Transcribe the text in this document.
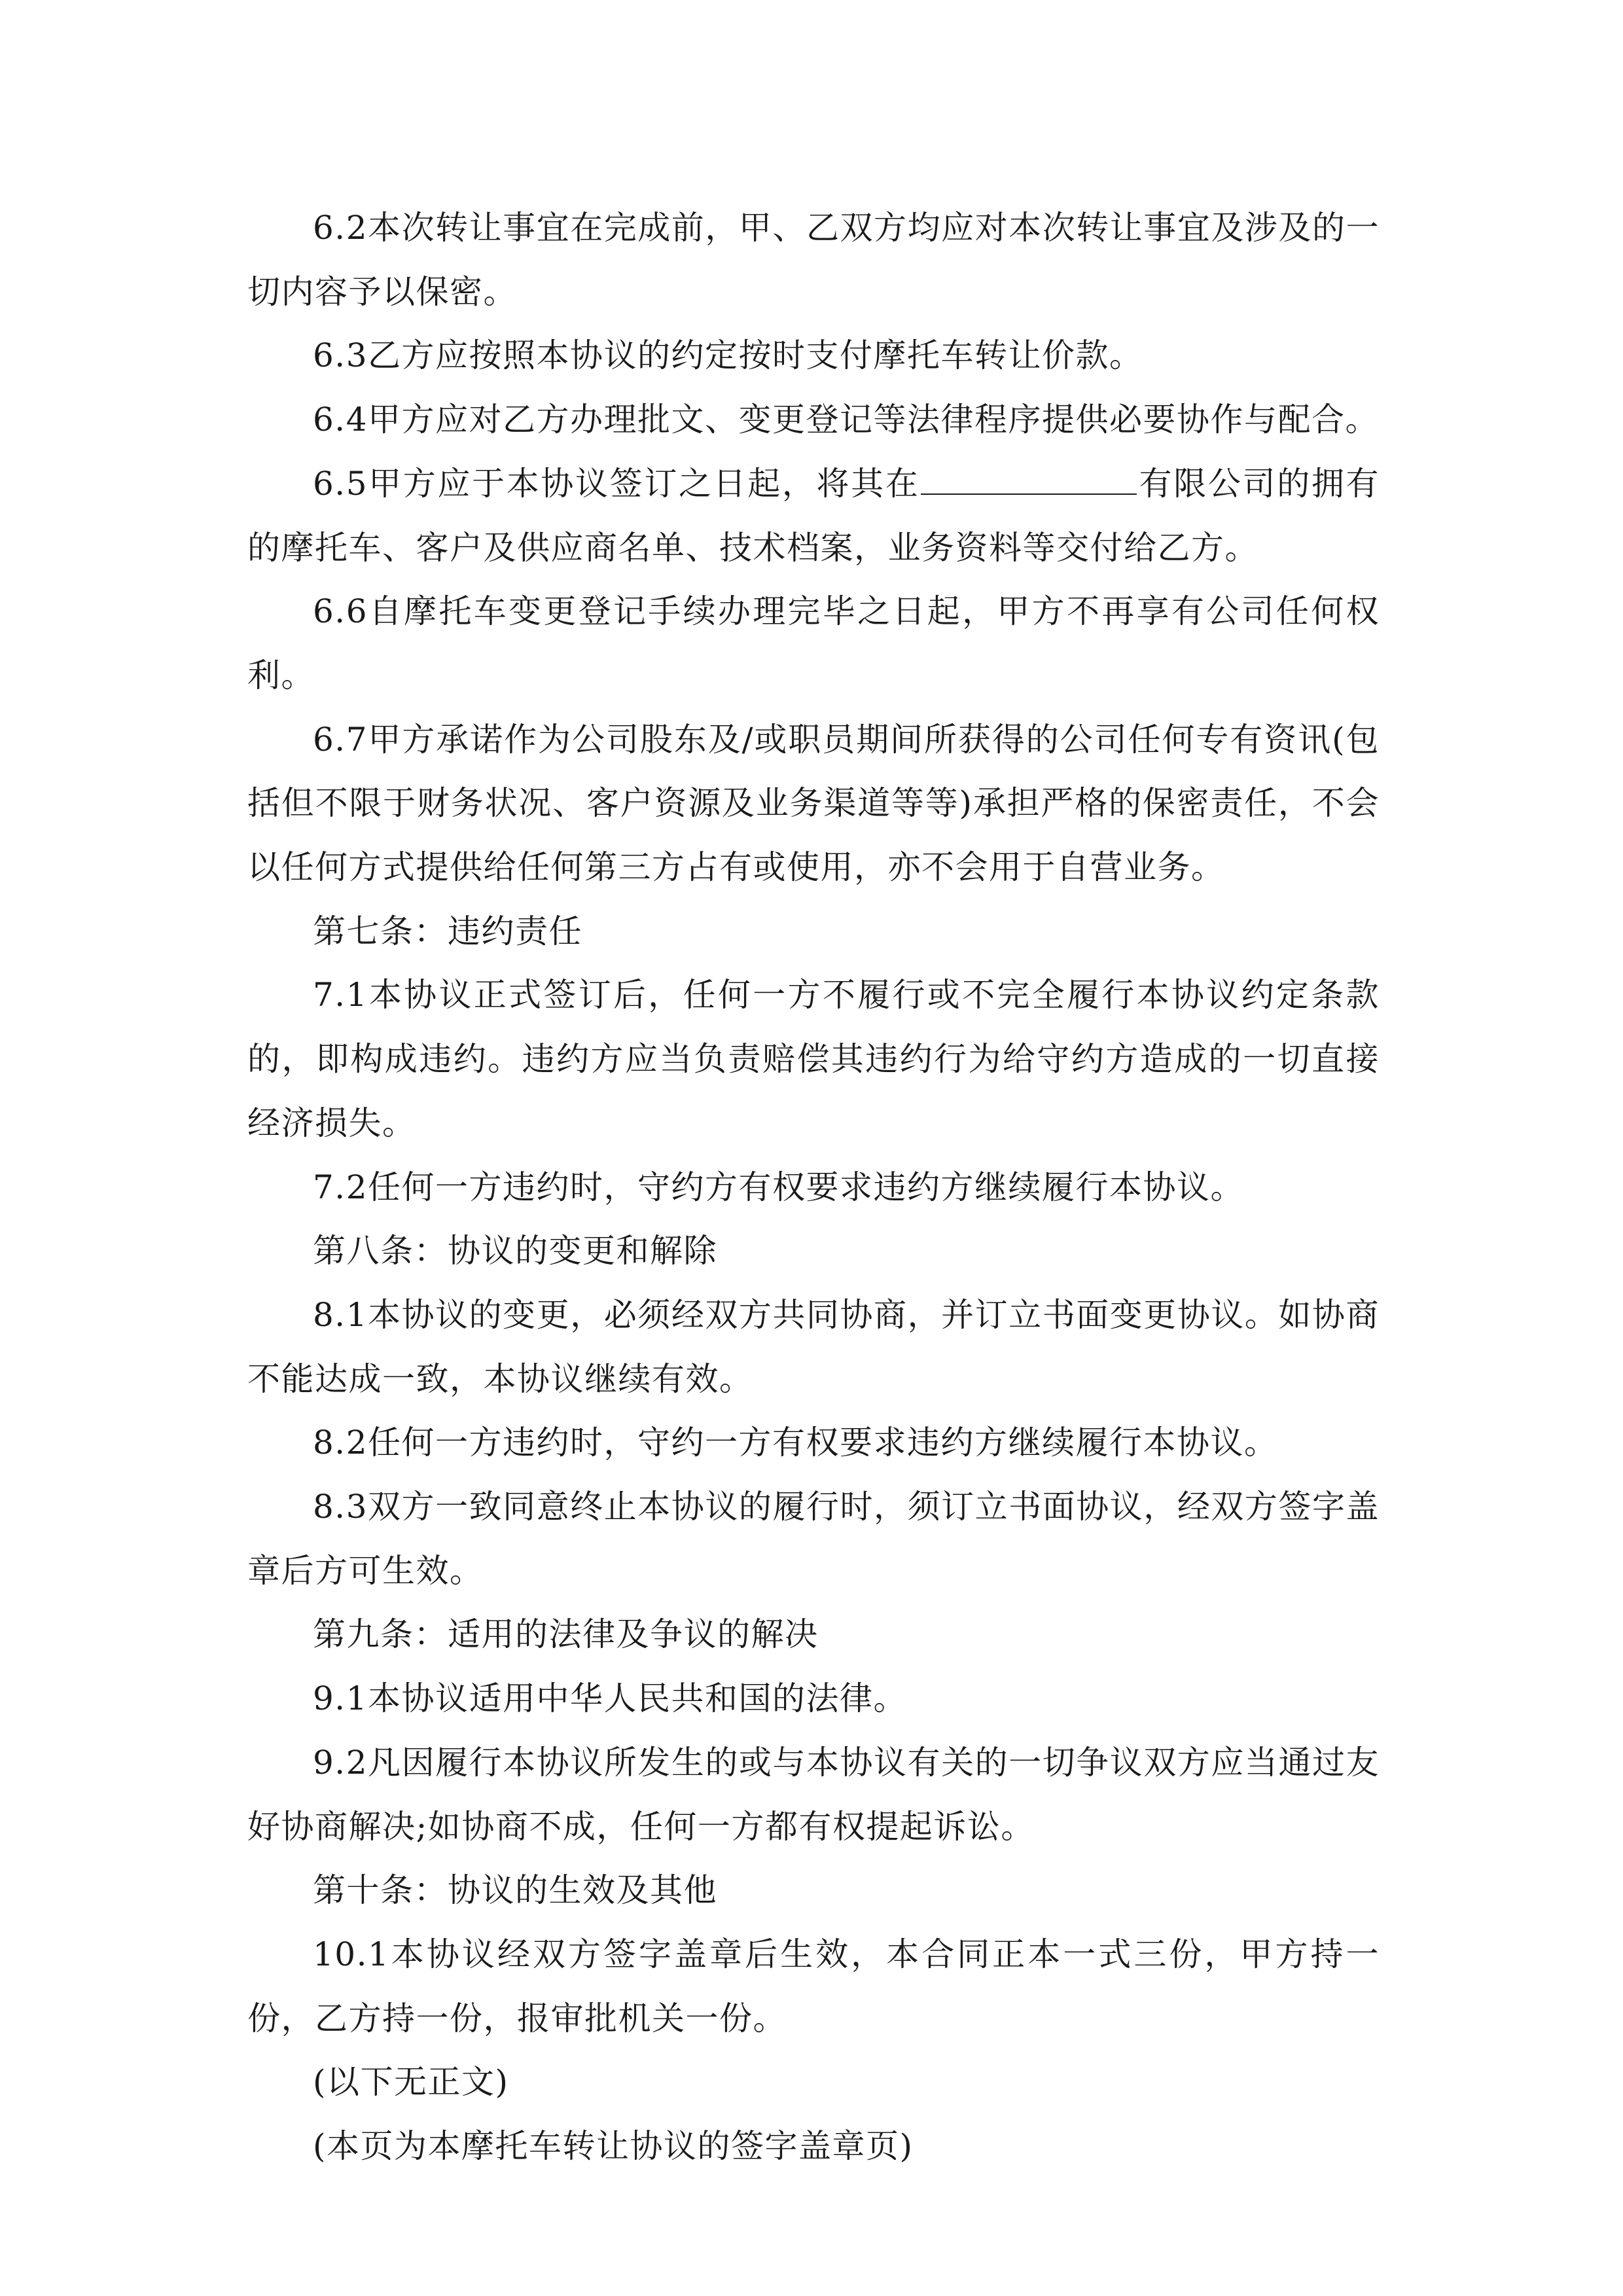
6.2本次转让事宜在完成前，甲、乙双方均应对本次转让事宜及涉及的一切内容予以保密。

6.3乙方应按照本协议的约定按时支付摩托车转让价款。

6.4甲方应对乙方办理批文、变更登记等法律程序提供必要协作与配合。

6.5甲方应于本协议签订之日起，将其在	有限公司的拥有的摩托车、客户及供应商名单、技术档案，业务资料等交付给乙方。

6.6自摩托车变更登记手续办理完毕之日起，甲方不再享有公司任何权利。

6.7甲方承诺作为公司股东及/或职员期间所获得的公司任何专有资讯(包括但不限于财务状况、客户资源及业务渠道等等)承担严格的保密责任，不会以任何方式提供给任何第三方占有或使用，亦不会用于自营业务。

第七条：违约责任

7.1本协议正式签订后，任何一方不履行或不完全履行本协议约定条款的，即构成违约。违约方应当负责赔偿其违约行为给守约方造成的一切直接经济损失。

7.2任何一方违约时，守约方有权要求违约方继续履行本协议。

第八条：协议的变更和解除

8.1本协议的变更，必须经双方共同协商，并订立书面变更协议。如协商不能达成一致，本协议继续有效。

8.2任何一方违约时，守约一方有权要求违约方继续履行本协议。

8.3双方一致同意终止本协议的履行时，须订立书面协议，经双方签字盖章后方可生效。

第九条：适用的法律及争议的解决

9.1本协议适用中华人民共和国的法律。

9.2凡因履行本协议所发生的或与本协议有关的一切争议双方应当通过友好协商解决;如协商不成，任何一方都有权提起诉讼。

第十条：协议的生效及其他

10.1本协议经双方签字盖章后生效，本合同正本一式三份，甲方持一份，乙方持一份，报审批机关一份。

(以下无正文)

(本页为本摩托车转让协议的签字盖章页)
